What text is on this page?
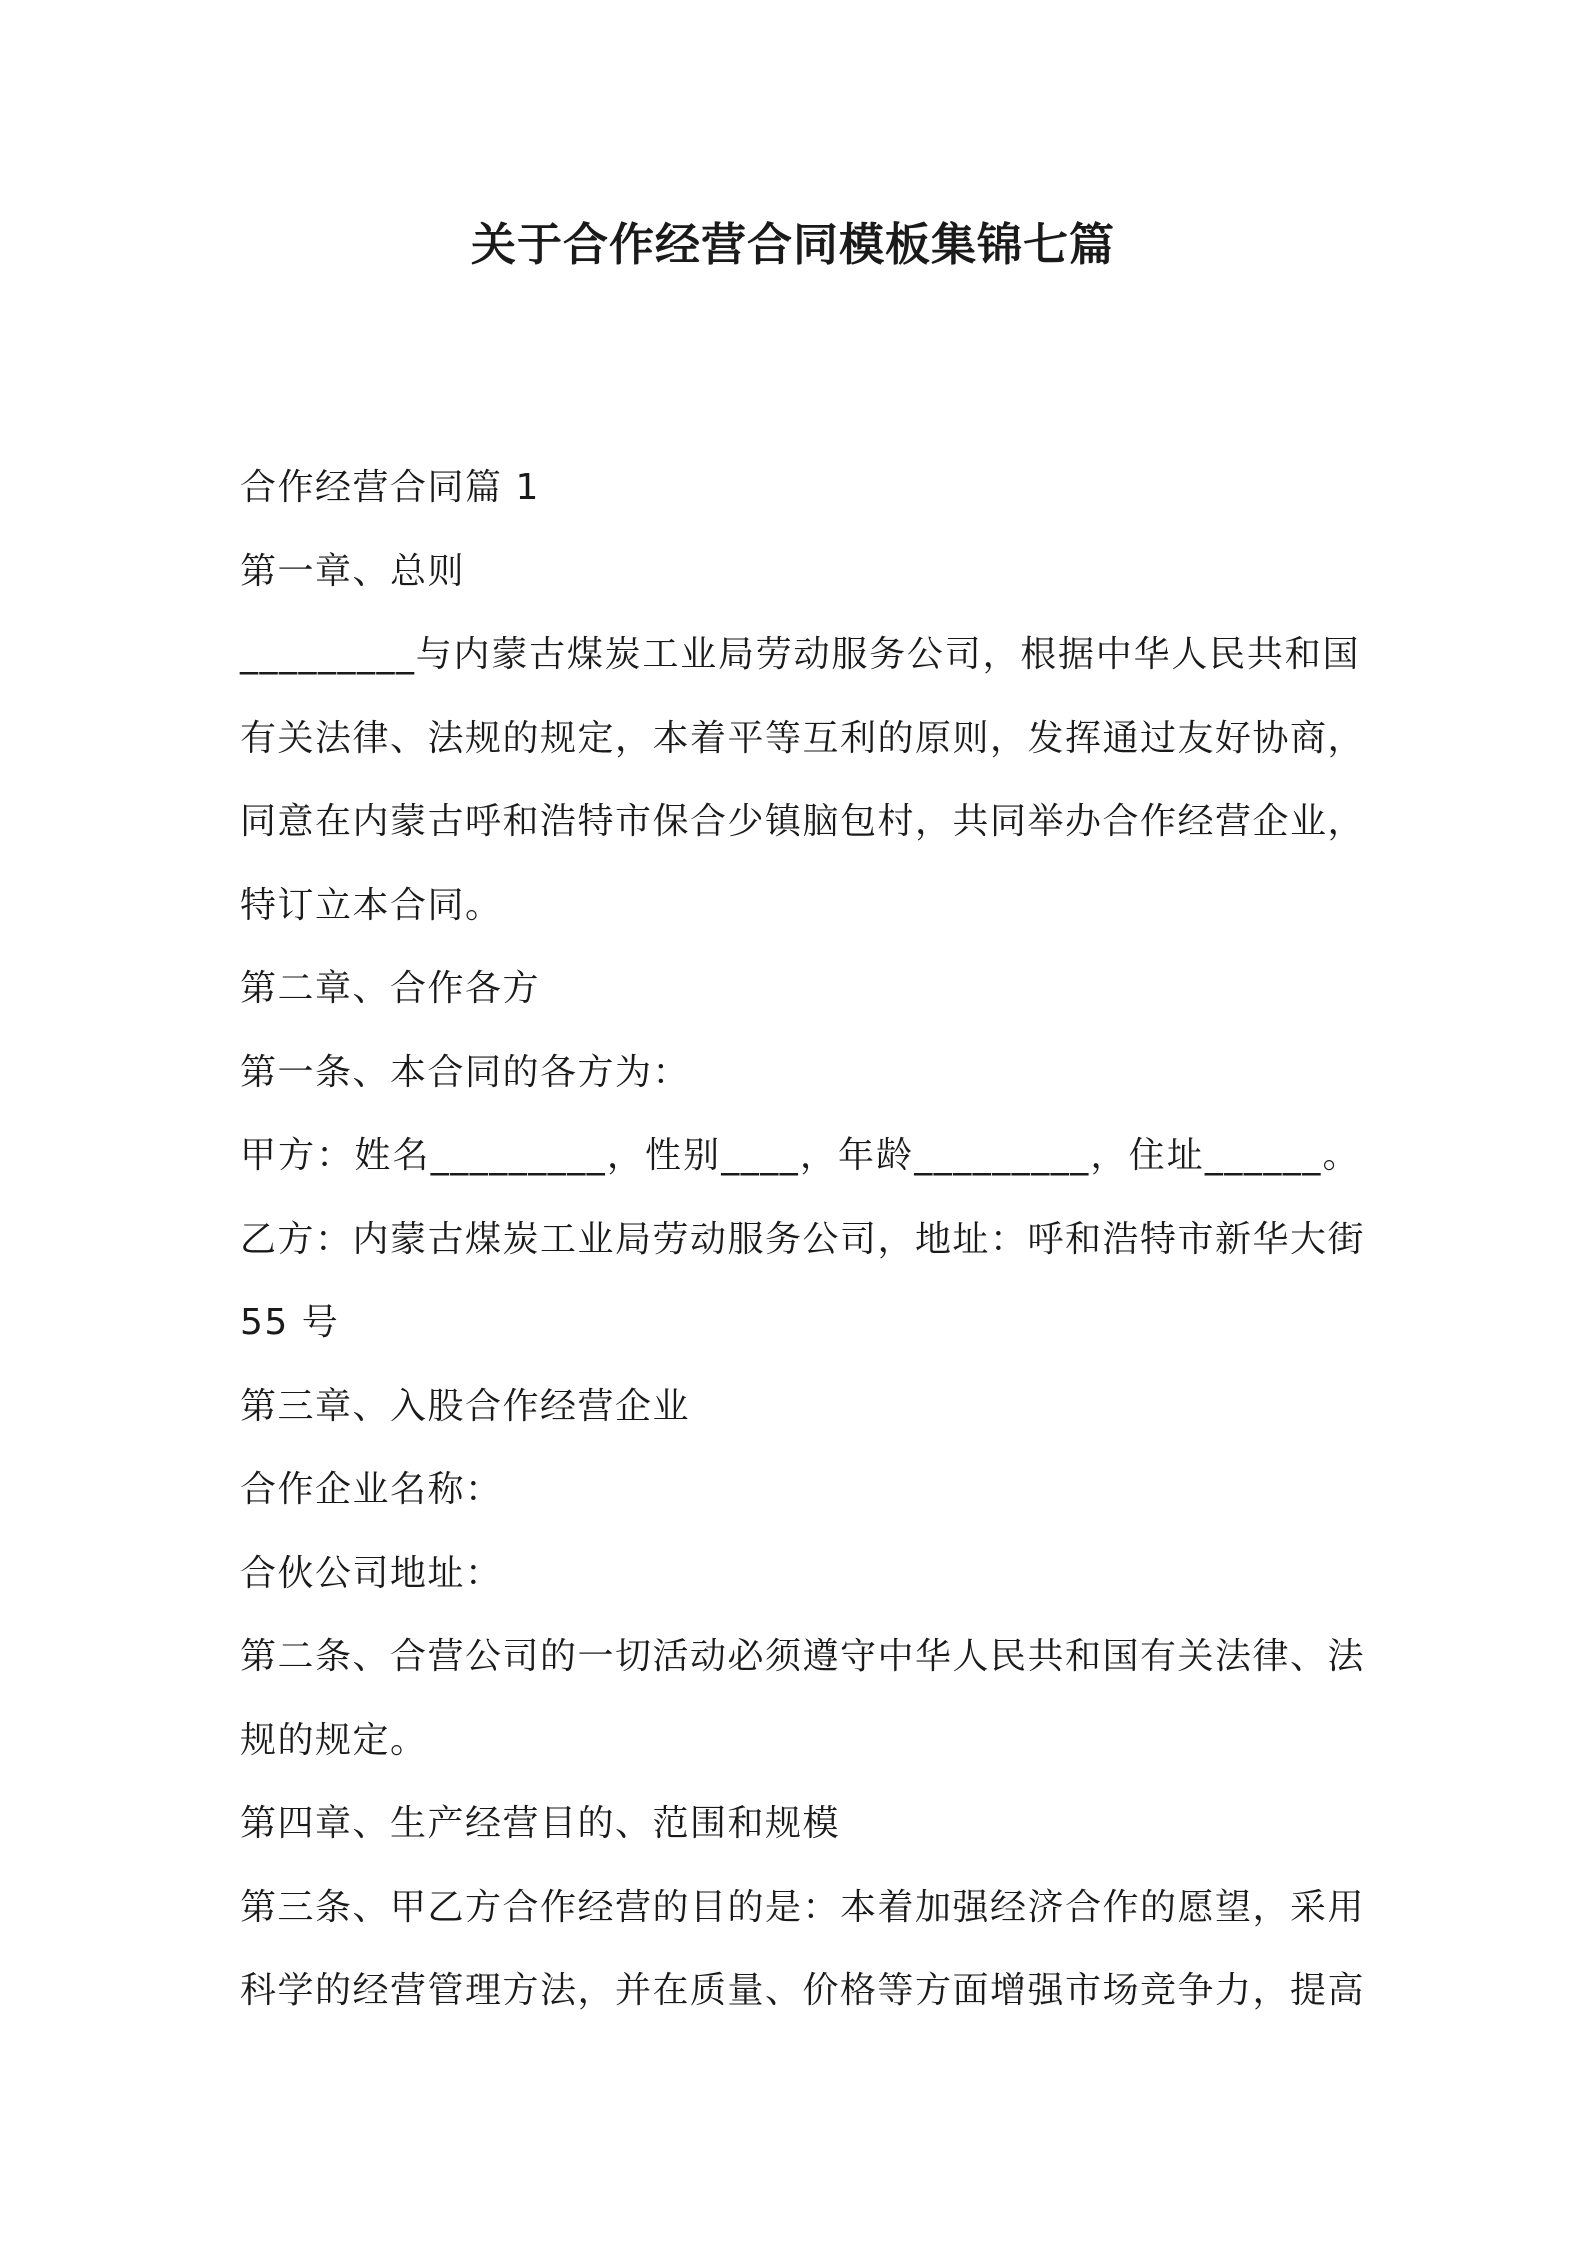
关于合作经营合同模板集锦七篇

合作经营合同篇 1

第一章、总则

_________与内蒙古煤炭工业局劳动服务公司，根据中华人民共和国

有关法律、法规的规定，本着平等互利的原则，发挥通过友好协商，

同意在内蒙古呼和浩特市保合少镇脑包村，共同举办合作经营企业，

特订立本合同。

第二章、合作各方

第一条、本合同的各方为：

甲方：姓名_________，性别____，年龄_________，住址______。

乙方：内蒙古煤炭工业局劳动服务公司，地址：呼和浩特市新华大街

55 号

第三章、入股合作经营企业

合作企业名称：

合伙公司地址：

第二条、合营公司的一切活动必须遵守中华人民共和国有关法律、法

规的规定。

第四章、生产经营目的、范围和规模

第三条、甲乙方合作经营的目的是：本着加强经济合作的愿望，采用

科学的经营管理方法，并在质量、价格等方面增强市场竞争力，提高
